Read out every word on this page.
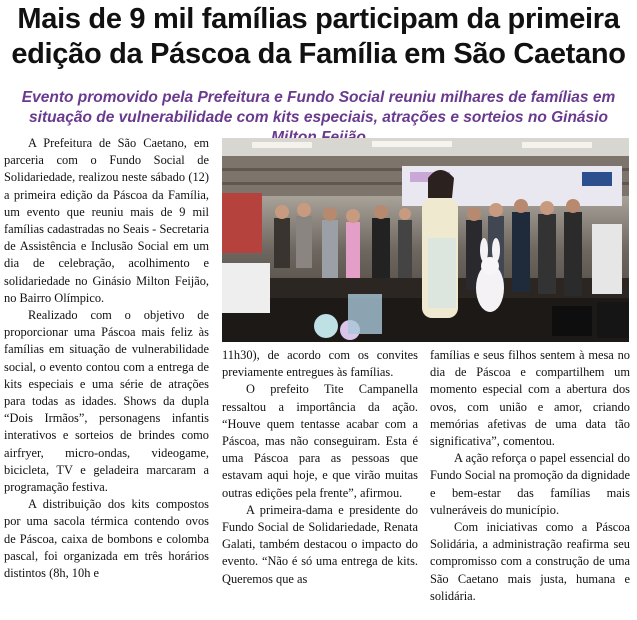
Mais de 9 mil famílias participam da primeira edição da Páscoa da Família em São Caetano
Evento promovido pela Prefeitura e Fundo Social reuniu milhares de famílias em situação de vulnerabilidade com kits especiais, atrações e sorteios no Ginásio

A Prefeitura de São Caetano, em parceria com o Fundo Social de Solidariedade, realizou neste sábado (12) a primeira edição da Páscoa da Família, um evento que reuniu mais de 9 mil famílias cadastradas no Seais - Secretaria de Assistência e Inclusão Social em um dia de celebração, acolhimento e solidariedade no Ginásio Milton Feijão, no Bairro Olímpico.

Realizado com o objetivo de proporcionar uma Páscoa mais feliz às famílias em situação de vulnerabilidade social, o evento contou com a entrega de kits especiais e uma série de atrações para todas as idades. Shows da dupla “Dois Irmãos”, personagens infantis interativos e sorteios de brindes como airfryer, micro-ondas, videogame, bicicleta, TV e geladeira marcaram a programação festiva.

A distribuição dos kits compostos por uma sacola térmica contendo ovos de Páscoa, caixa de bombons e colomba pascal, foi organizada em três horários distintos (8h, 10h e

11h30), de acordo com os convites previamente entregues às famílias.

O prefeito Tite Campanella ressaltou a importância da ação. “Houve quem tentasse acabar com a Páscoa, mas não conseguiram. Esta é uma Páscoa para as pessoas que estavam aqui hoje, e que virão muitas outras edições pela frente”, afirmou.

A primeira-dama e presidente do Fundo Social de Solidariedade, Renata Galati, também destacou o impacto do evento. “Não é só uma entrega de kits. Queremos que as

famílias e seus filhos sentem à mesa no dia de Páscoa e compartilhem um momento especial com a abertura dos ovos, com união e amor, criando memórias afetivas de uma data tão significativa”, comentou.

A ação reforça o papel essencial do Fundo Social na promoção da dignidade e bem-estar das famílias mais vulneráveis do município.

Com iniciativas como a Páscoa Solidária, a administração reafirma seu compromisso com a construção de uma São Caetano mais justa, humana e solidária.
